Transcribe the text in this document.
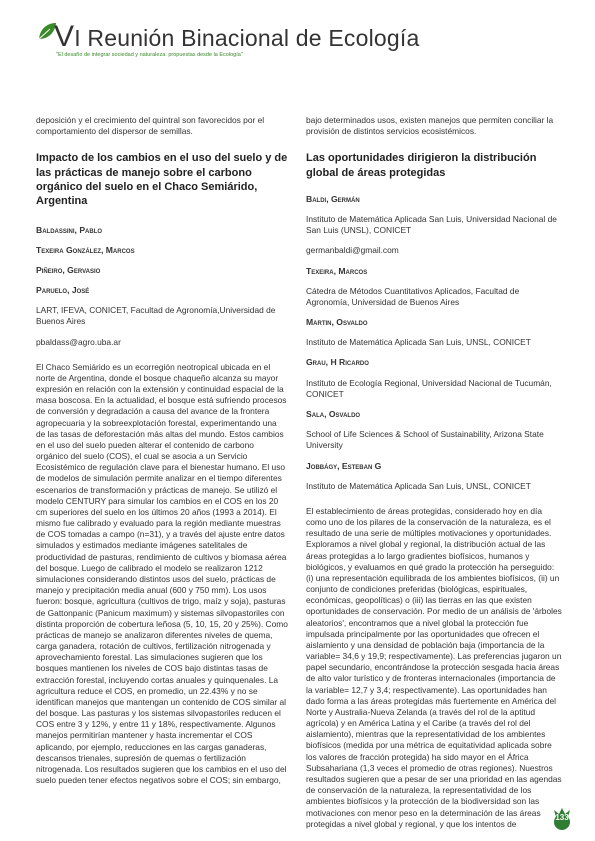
VI Reunión Binacional de Ecología
"El desafío de integrar sociedad y naturaleza: propuestas desde la Ecología"

deposición y el crecimiento del quintral son favorecidos por el comportamiento del dispersor de semillas.

Impacto de los cambios en el uso del suelo y de las prácticas de manejo sobre el carbono orgánico del suelo en el Chaco Semiárido, Argentina

Baldassini, Pablo

Texeira González, Marcos

Piñeiro, Gervasio

Paruelo, José

LART, IFEVA, CONICET, Facultad de Agronomía,Universidad de Buenos Aires

pbaldass@agro.uba.ar

El Chaco Semiárido es un ecorregión neotropical ubicada en el norte de Argentina, donde el bosque chaqueño alcanza su mayor expresión en relación con la extensión y continuidad espacial de la masa boscosa. En la actualidad, el bosque está sufriendo procesos de conversión y degradación a causa del avance de la frontera agropecuaria y la sobreexplotación forestal, experimentando una de las tasas de deforestación más altas del mundo. Estos cambios en el uso del suelo pueden alterar el contenido de carbono orgánico del suelo (COS), el cual se asocia a un Servicio Ecosistémico de regulación clave para el bienestar humano. El uso de modelos de simulación permite analizar en el tiempo diferentes escenarios de transformación y prácticas de manejo. Se utilizó el modelo CENTURY para simular los cambios en el COS en los 20 cm superiores del suelo en los últimos 20 años (1993 a 2014). El mismo fue calibrado y evaluado para la región mediante muestras de COS tomadas a campo (n=31), y a través del ajuste entre datos simulados y estimados mediante imágenes satelitales de productividad de pasturas, rendimiento de cultivos y biomasa aérea del bosque. Luego de calibrado el modelo se realizaron 1212 simulaciones considerando distintos usos del suelo, prácticas de manejo y precipitación media anual (600 y 750 mm). Los usos fueron: bosque, agricultura (cultivos de trigo, maíz y soja), pasturas de Gattonpanic (Panicum maximum) y sistemas silvopastoriles con distinta proporción de cobertura leñosa (5, 10, 15, 20 y 25%). Como prácticas de manejo se analizaron diferentes niveles de quema, carga ganadera, rotación de cultivos, fertilización nitrogenada y aprovechamiento forestal. Las simulaciones sugieren que los bosques mantienen los niveles de COS bajo distintas tasas de extracción forestal, incluyendo cortas anuales y quinquenales. La agricultura reduce el COS, en promedio, un 22.43% y no se identifican manejos que mantengan un contenido de COS similar al del bosque. Las pasturas y los sistemas silvopastoriles reducen el COS entre 3 y 12%, y entre 11 y 18%, respectivamente. Algunos manejos permitirían mantener y hasta incrementar el COS aplicando, por ejemplo, reducciones en las cargas ganaderas, descansos trienales, supresión de quemas o fertilización nitrogenada. Los resultados sugieren que los cambios en el uso del suelo pueden tener efectos negativos sobre el COS; sin embargo,

bajo determinados usos, existen manejos que permiten conciliar la provisión de distintos servicios ecosistémicos.

Las oportunidades dirigieron la distribución global de áreas protegidas

Baldi, Germán

Instituto de Matemática Aplicada San Luis, Universidad Nacional de San Luis (UNSL), CONICET

germanbaldi@gmail.com

Texeira, Marcos

Cátedra de Métodos Cuantitativos Aplicados, Facultad de Agronomía, Universidad de Buenos Aires

Martin, Osvaldo

Instituto de Matemática Aplicada San Luis, UNSL, CONICET

Grau, H Ricardo

Instituto de Ecología Regional, Universidad Nacional de Tucumán, CONICET

Sala, Osvaldo

School of Life Sciences & School of Sustainability, Arizona State University

Jobbágy, Esteban G

Instituto de Matemática Aplicada San Luis, UNSL, CONICET

El establecimiento de áreas protegidas, considerado hoy en día como uno de los pilares de la conservación de la naturaleza, es el resultado de una serie de múltiples motivaciones y oportunidades. Exploramos a nivel global y regional, la distribución actual de las áreas protegidas a lo largo gradientes biofísicos, humanos y biológicos, y evaluamos en qué grado la protección ha perseguido: (i) una representación equilibrada de los ambientes biofísicos, (ii) un conjunto de condiciones preferidas (biológicas, espirituales, económicas, geopolíticas) o (iii) las tierras en las que existen oportunidades de conservación. Por medio de un análisis de 'árboles aleatorios', encontramos que a nivel global la protección fue impulsada principalmente por las oportunidades que ofrecen el aislamiento y una densidad de población baja (importancia de la variable= 34,6 y 19,9; respectivamente). Las preferencias jugaron un papel secundario, encontrándose la protección sesgada hacia áreas de alto valor turístico y de fronteras internacionales (importancia de la variable= 12,7 y 3,4; respectivamente). Las oportunidades han dado forma a las áreas protegidas más fuertemente en América del Norte y Australia-Nueva Zelanda (a través del rol de la aptitud agrícola) y en América Latina y el Caribe (a través del rol del aislamiento), mientras que la representatividad de los ambientes biofísicos (medida por una métrica de equitatividad aplicada sobre los valores de fracción protegida) ha sido mayor en el África Subsahariana (1,3 veces el promedio de otras regiones). Nuestros resultados sugieren que a pesar de ser una prioridad en las agendas de conservación de la naturaleza, la representatividad de los ambientes biofísicos y la protección de la biodiversidad son las motivaciones con menor peso en la determinación de las áreas protegidas a nivel global y regional, y que los intentos de

133
